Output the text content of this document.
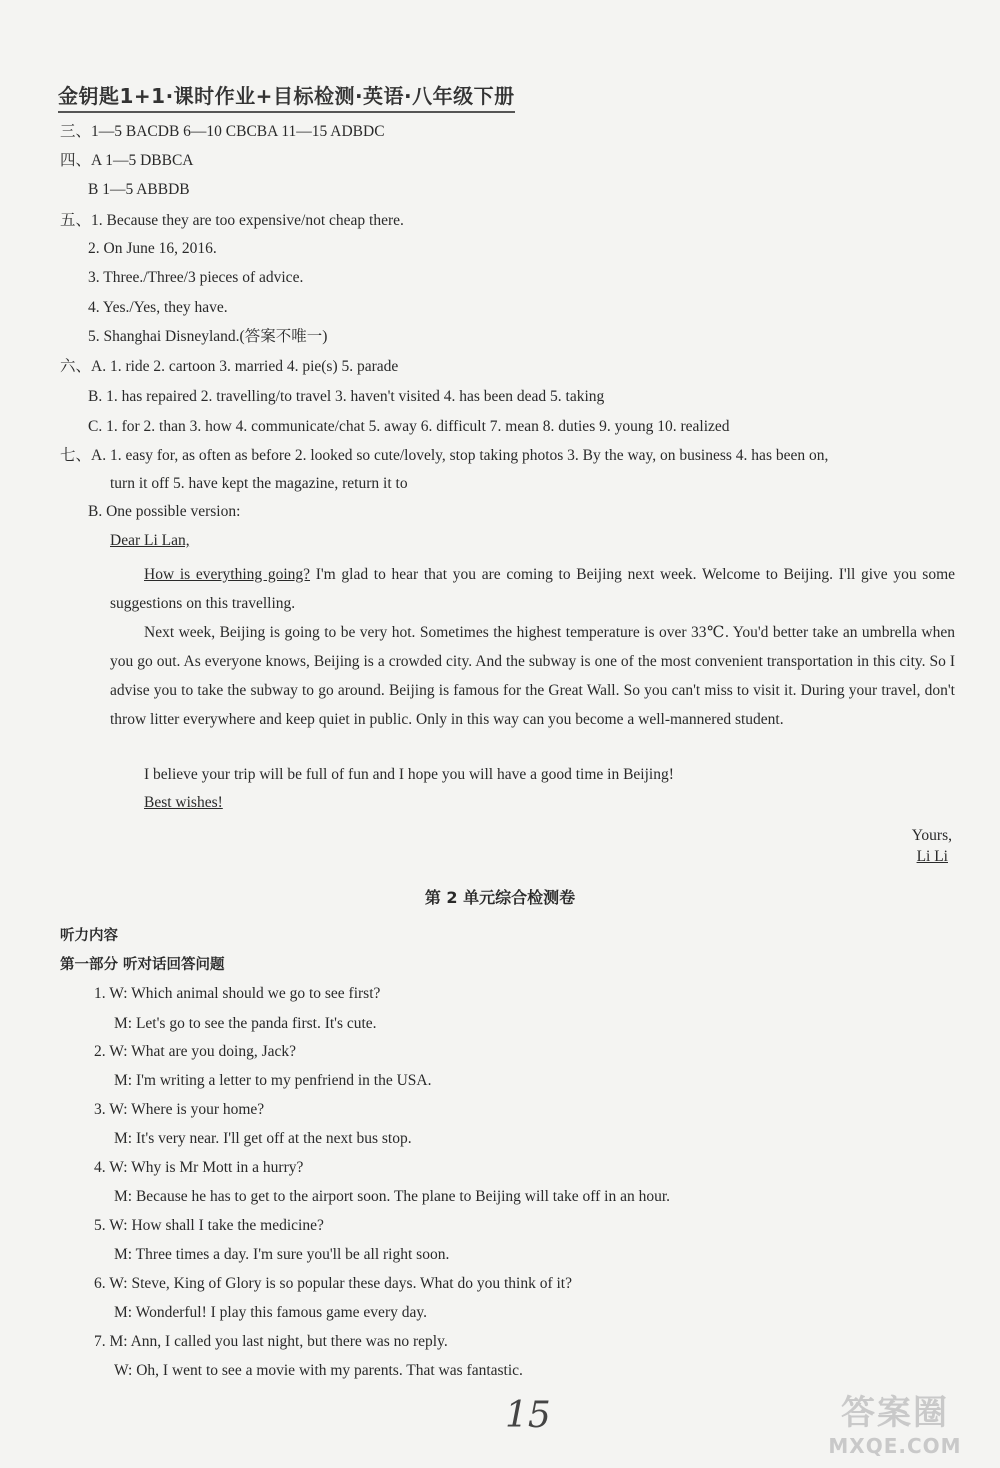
金钥匙1+1·课时作业+目标检测·英语·八年级下册
三、1—5 BACDB 6—10 CBCBA 11—15 ADBDC
四、A 1—5 DBBCA
B 1—5 ABBDB
五、1. Because they are too expensive/not cheap there.
2. On June 16, 2016.
3. Three./Three/3 pieces of advice.
4. Yes./Yes, they have.
5. Shanghai Disneyland.(答案不唯一)
六、A. 1. ride 2. cartoon 3. married 4. pie(s) 5. parade
B. 1. has repaired 2. travelling/to travel 3. haven't visited 4. has been dead 5. taking
C. 1. for 2. than 3. how 4. communicate/chat 5. away 6. difficult 7. mean 8. duties 9. young 10. realized
七、A. 1. easy for, as often as before 2. looked so cute/lovely, stop taking photos 3. By the way, on business 4. has been on,
turn it off 5. have kept the magazine, return it to
B. One possible version:
Dear Li Lan,
How is everything going? I'm glad to hear that you are coming to Beijing next week. Welcome to Beijing. I'll give you some suggestions on this travelling.
Next week, Beijing is going to be very hot. Sometimes the highest temperature is over 33℃. You'd better take an umbrella when you go out. As everyone knows, Beijing is a crowded city. And the subway is one of the most convenient transportation in this city. So I advise you to take the subway to go around. Beijing is famous for the Great Wall. So you can't miss to visit it. During your travel, don't throw litter everywhere and keep quiet in public. Only in this way can you become a well-mannered student.
I believe your trip will be full of fun and I hope you will have a good time in Beijing!
Best wishes!
Yours,
Li Li
第 2 单元综合检测卷
听力内容
第一部分 听对话回答问题
1. W: Which animal should we go to see first?
M: Let's go to see the panda first. It's cute.
2. W: What are you doing, Jack?
M: I'm writing a letter to my penfriend in the USA.
3. W: Where is your home?
M: It's very near. I'll get off at the next bus stop.
4. W: Why is Mr Mott in a hurry?
M: Because he has to get to the airport soon. The plane to Beijing will take off in an hour.
5. W: How shall I take the medicine?
M: Three times a day. I'm sure you'll be all right soon.
6. W: Steve, King of Glory is so popular these days. What do you think of it?
M: Wonderful! I play this famous game every day.
7. M: Ann, I called you last night, but there was no reply.
W: Oh, I went to see a movie with my parents. That was fantastic.
15	答案圈
MXQE.COM
